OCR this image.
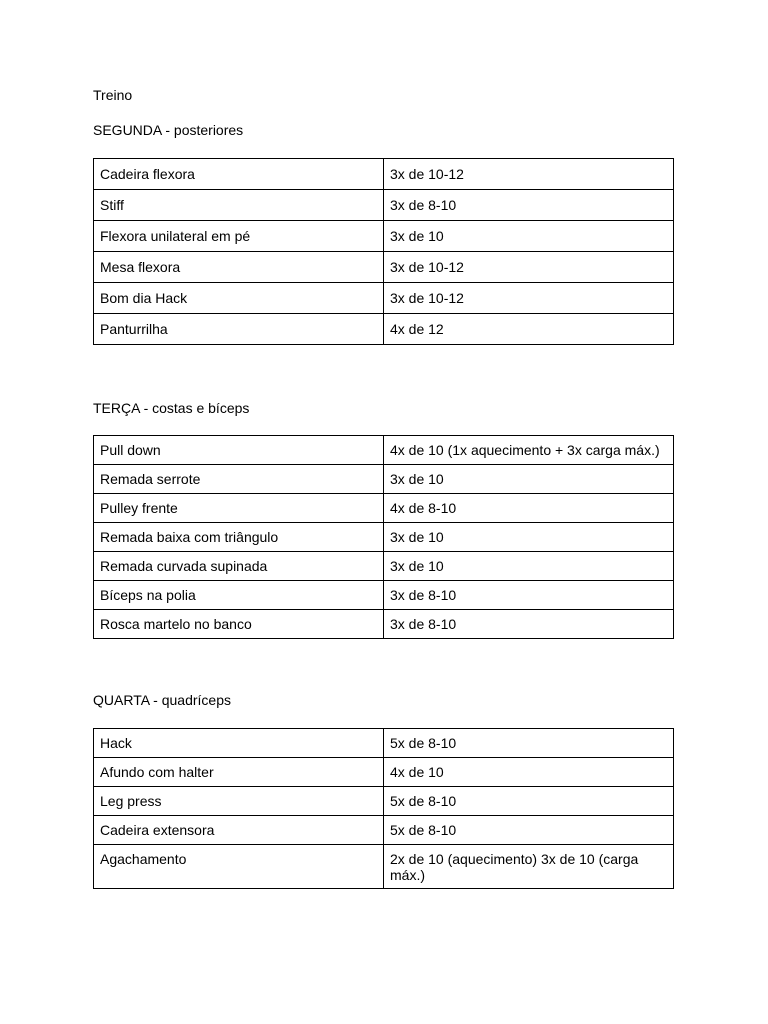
Treino
SEGUNDA - posteriores
Cadeira flexora	3x de 10-12
Stiff	3x de 8-10
Flexora unilateral em pé	3x de 10
Mesa flexora	3x de 10-12
Bom dia Hack	3x de 10-12
Panturrilha	4x de 12
TERÇA - costas e bíceps
Pull down	4x de 10 (1x aquecimento + 3x carga máx.)
Remada serrote	3x de 10
Pulley frente	4x de 8-10
Remada baixa com triângulo	3x de 10
Remada curvada supinada	3x de 10
Bíceps na polia	3x de 8-10
Rosca martelo no banco	3x de 8-10
QUARTA - quadríceps
Hack	5x de 8-10
Afundo com halter	4x de 10
Leg press	5x de 8-10
Cadeira extensora	5x de 8-10
Agachamento	2x de 10 (aquecimento) 3x de 10 (carga máx.)
